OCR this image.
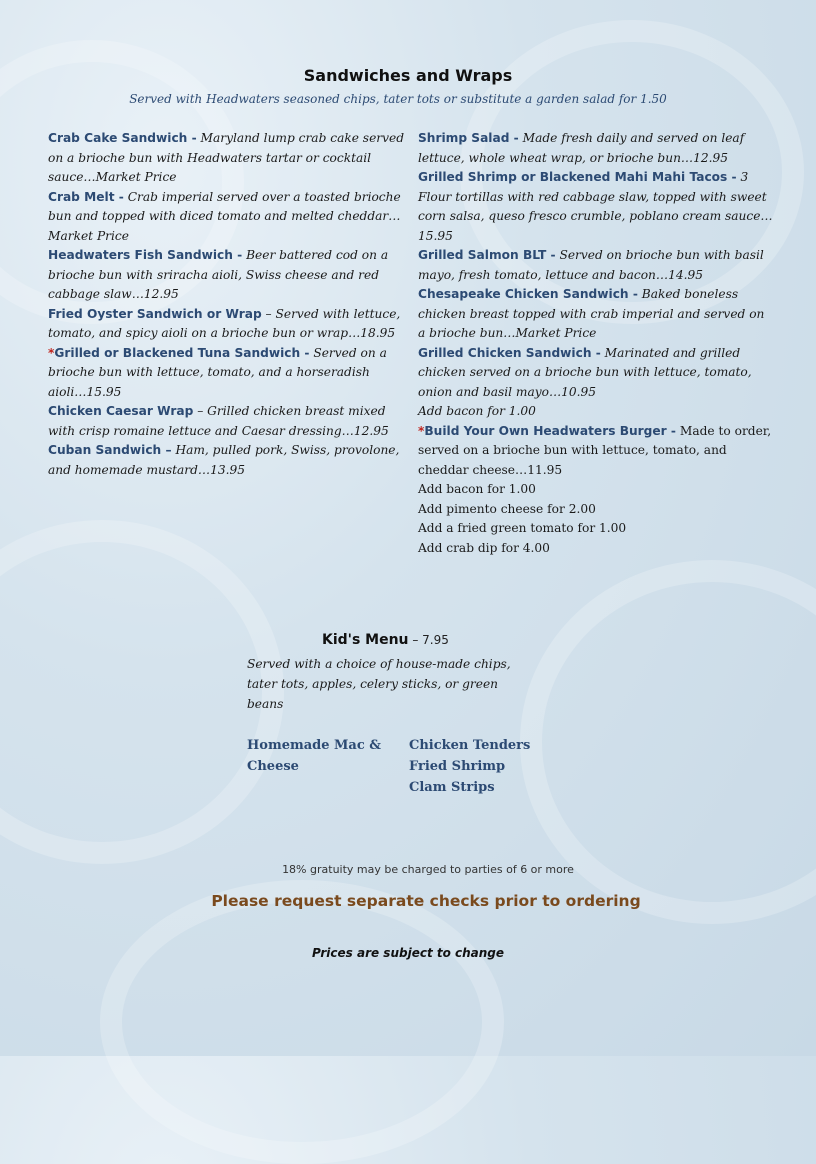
Sandwiches and Wraps
Served with Headwaters seasoned chips, tater tots or substitute a garden salad for 1.50

Crab Cake Sandwich - Maryland lump crab cake served on a brioche bun with Headwaters tartar or cocktail sauce…Market Price

Crab Melt - Crab imperial served over a toasted brioche bun and topped with diced tomato and melted cheddar…Market Price

Headwaters Fish Sandwich - Beer battered cod on a brioche bun with sriracha aioli, Swiss cheese and red cabbage slaw…12.95

Fried Oyster Sandwich or Wrap – Served with lettuce, tomato, and spicy aioli on a brioche bun or wrap…18.95

*Grilled or Blackened Tuna Sandwich - Served on a brioche bun with lettuce, tomato, and a horseradish aioli…15.95

Chicken Caesar Wrap – Grilled chicken breast mixed with crisp romaine lettuce and Caesar dressing…12.95

Cuban Sandwich – Ham, pulled pork, Swiss, provolone, and homemade mustard…13.95

Shrimp Salad - Made fresh daily and served on leaf lettuce, whole wheat wrap, or brioche bun…12.95

Grilled Shrimp or Blackened Mahi Mahi Tacos - 3 Flour tortillas with red cabbage slaw, topped with sweet corn salsa, queso fresco crumble, poblano cream sauce…15.95

Grilled Salmon BLT - Served on brioche bun with basil mayo, fresh tomato, lettuce and bacon…14.95

Chesapeake Chicken Sandwich - Baked boneless chicken breast topped with crab imperial and served on a brioche bun…Market Price

Grilled Chicken Sandwich - Marinated and grilled chicken served on a brioche bun with lettuce, tomato, onion and basil mayo…10.95

Add bacon for 1.00

*Build Your Own Headwaters Burger - Made to order, served on a brioche bun with lettuce, tomato, and cheddar cheese…11.95

Add bacon for 1.00

Add pimento cheese for 2.00

Add a fried green tomato for 1.00

Add crab dip for 4.00

Kid's Menu – 7.95
Served with a choice of house-made chips, tater tots, apples, celery sticks, or green beans
Homemade Mac & Cheese
Chicken Tenders
Fried Shrimp
Clam Strips
18% gratuity may be charged to parties of 6 or more
Please request separate checks prior to ordering
Prices are subject to change
